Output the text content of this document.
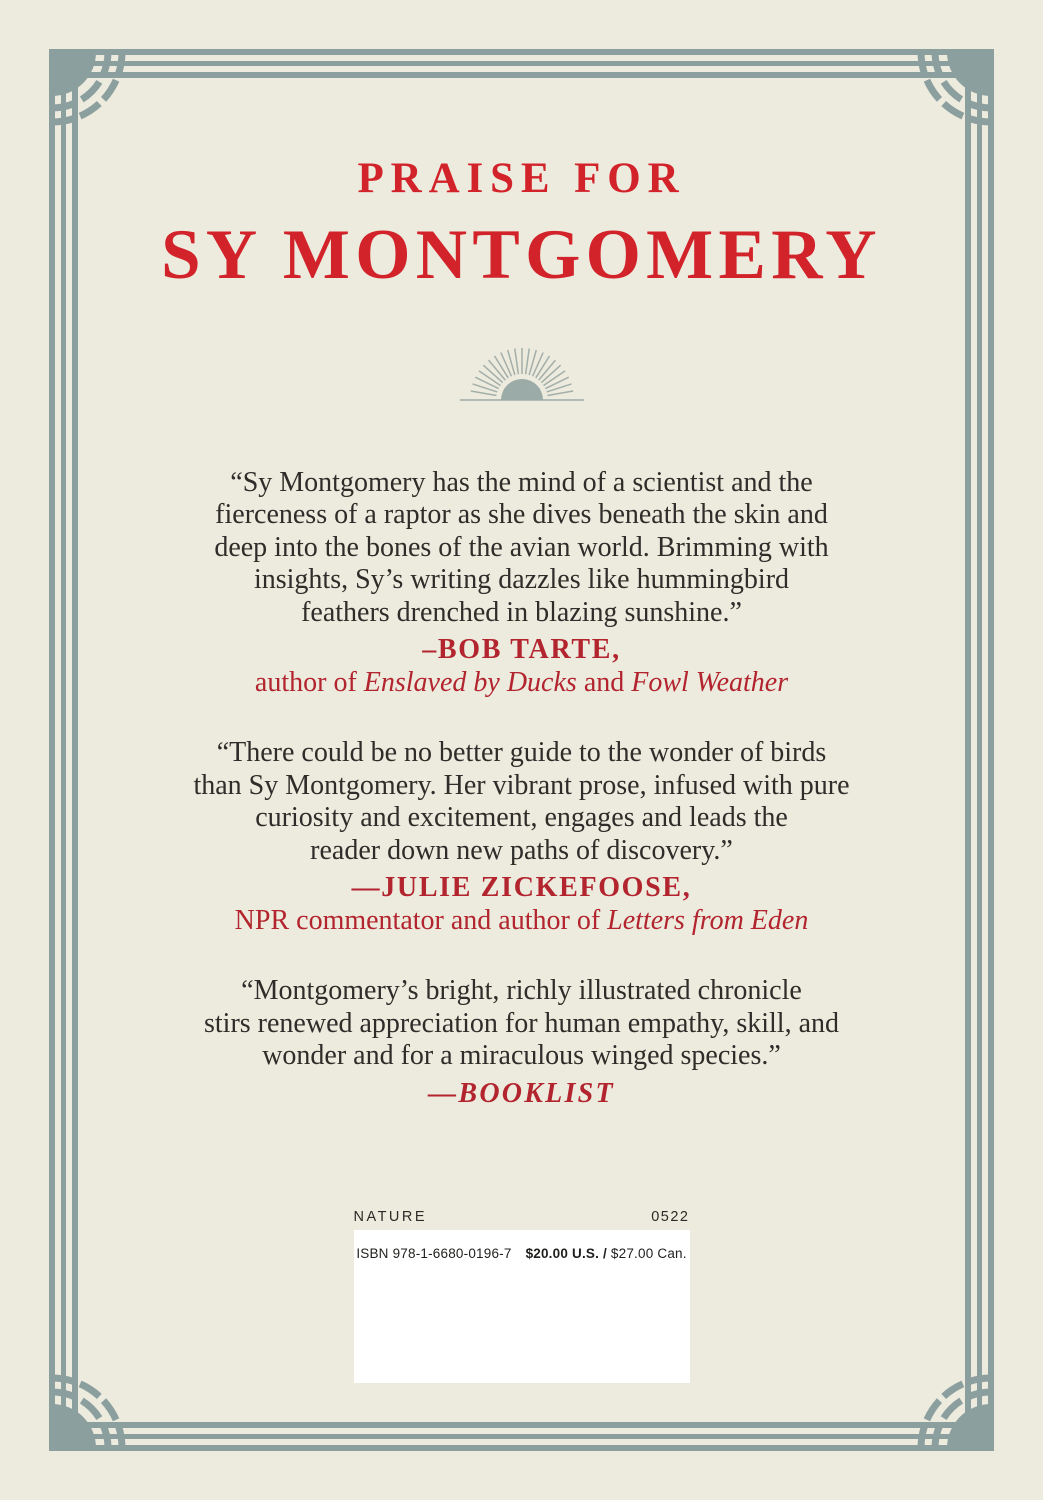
PRAISE FOR
SY MONTGOMERY

“Sy Montgomery has the mind of a scientist and the
fierceness of a raptor as she dives beneath the skin and
deep into the bones of the avian world. Brimming with
insights, Sy’s writing dazzles like hummingbird
feathers drenched in blazing sunshine.”

–BOB TARTE,

author of Enslaved by Ducks and Fowl Weather

“There could be no better guide to the wonder of birds
than Sy Montgomery. Her vibrant prose, infused with pure
curiosity and excitement, engages and leads the
reader down new paths of discovery.”

—JULIE ZICKEFOOSE,

NPR commentator and author of Letters from Eden

“Montgomery’s bright, richly illustrated chronicle
stirs renewed appreciation for human empathy, skill, and
wonder and for a miraculous winged species.”

—BOOKLIST

NATURE	0522
ISBN 978-1-6680-0196-7 $20.00 U.S. / $27.00 Can.
